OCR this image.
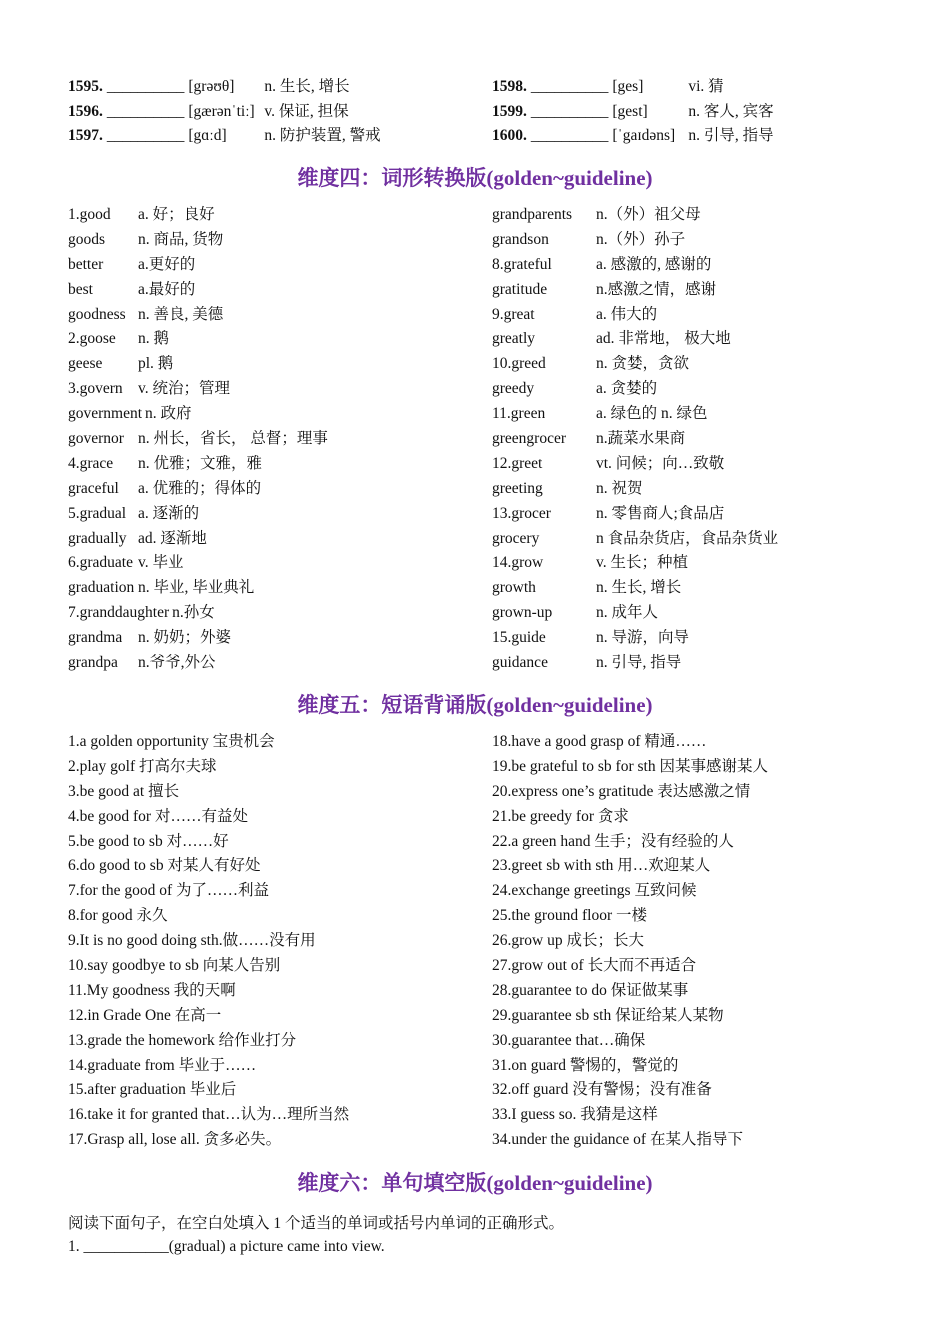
1595. __________ [grəʊθ] n. 生长, 增长
1596. __________ [gærənˈtiː] v. 保证, 担保
1597. __________ [gɑːd] n. 防护装置, 警戒
1598. __________ [ges]	vi. 猜
1599. __________ [gest]	n. 客人, 宾客
1600. __________ [ˈgaɪdəns] n. 引导, 指导
维度四：词形转换版(golden~guideline)
1.good a. 好；良好
goods n. 商品, 货物
better a.更好的
best	a.最好的
goodness n. 善良, 美德
2.goose n. 鹅
geese pl. 鹅
3.govern v. 统治；管理
government n. 政府
governor n. 州长，省长， 总督；理事
4.grace n. 优雅；文雅，雅
graceful a. 优雅的；得体的
5.gradual a. 逐渐的
gradually ad. 逐渐地
6.graduate v. 毕业
graduation n. 毕业, 毕业典礼
7.granddaughter n.孙女
grandma n. 奶奶；外婆
grandpa n.爷爷,外公
grandparents n.（外）祖父母
grandson	n.（外）孙子
8.grateful	a. 感激的, 感谢的
gratitude	n.感激之情，感谢
9.great	a. 伟大的
greatly	ad. 非常地， 极大地
10.greed	n. 贪婪，贪欲
greedy	a. 贪婪的
11.green	a. 绿色的 n. 绿色
greengrocer n.蔬菜水果商
12.greet	vt. 问候；向…致敬
greeting	n. 祝贺
13.grocer	n. 零售商人;食品店
grocery	n 食品杂货店，食品杂货业
14.grow	v. 生长；种植
growth	n. 生长, 增长
grown-up	n. 成年人
15.guide	n. 导游，向导
guidance	n. 引导, 指导
维度五：短语背诵版(golden~guideline)
1.a golden opportunity 宝贵机会
2.play golf 打高尔夫球
3.be good at 擅长
4.be good for 对……有益处
5.be good to sb 对……好
6.do good to sb 对某人有好处
7.for the good of 为了……利益
8.for good 永久
9.It is no good doing sth.做……没有用
10.say goodbye to sb 向某人告别
11.My goodness 我的天啊
12.in Grade One 在高一
13.grade the homework 给作业打分
14.graduate from 毕业于……
15.after graduation 毕业后
16.take it for granted that…认为…理所当然
17.Grasp all, lose all. 贪多必失。
18.have a good grasp of 精通……
19.be grateful to sb for sth 因某事感谢某人
20.express one’s gratitude 表达感激之情
21.be greedy for 贪求
22.a green hand 生手；没有经验的人
23.greet sb with sth 用…欢迎某人
24.exchange greetings 互致问候
25.the ground floor 一楼
26.grow up 成长；长大
27.grow out of 长大而不再适合
28.guarantee to do 保证做某事
29.guarantee sb sth 保证给某人某物
30.guarantee that…确保
31.on guard 警惕的，警觉的
32.off guard 没有警惕；没有准备
33.I guess so. 我猜是这样
34.under the guidance of 在某人指导下
维度六：单句填空版(golden~guideline)
阅读下面句子，在空白处填入 1 个适当的单词或括号内单词的正确形式。
1. ___________(gradual) a picture came into view.
